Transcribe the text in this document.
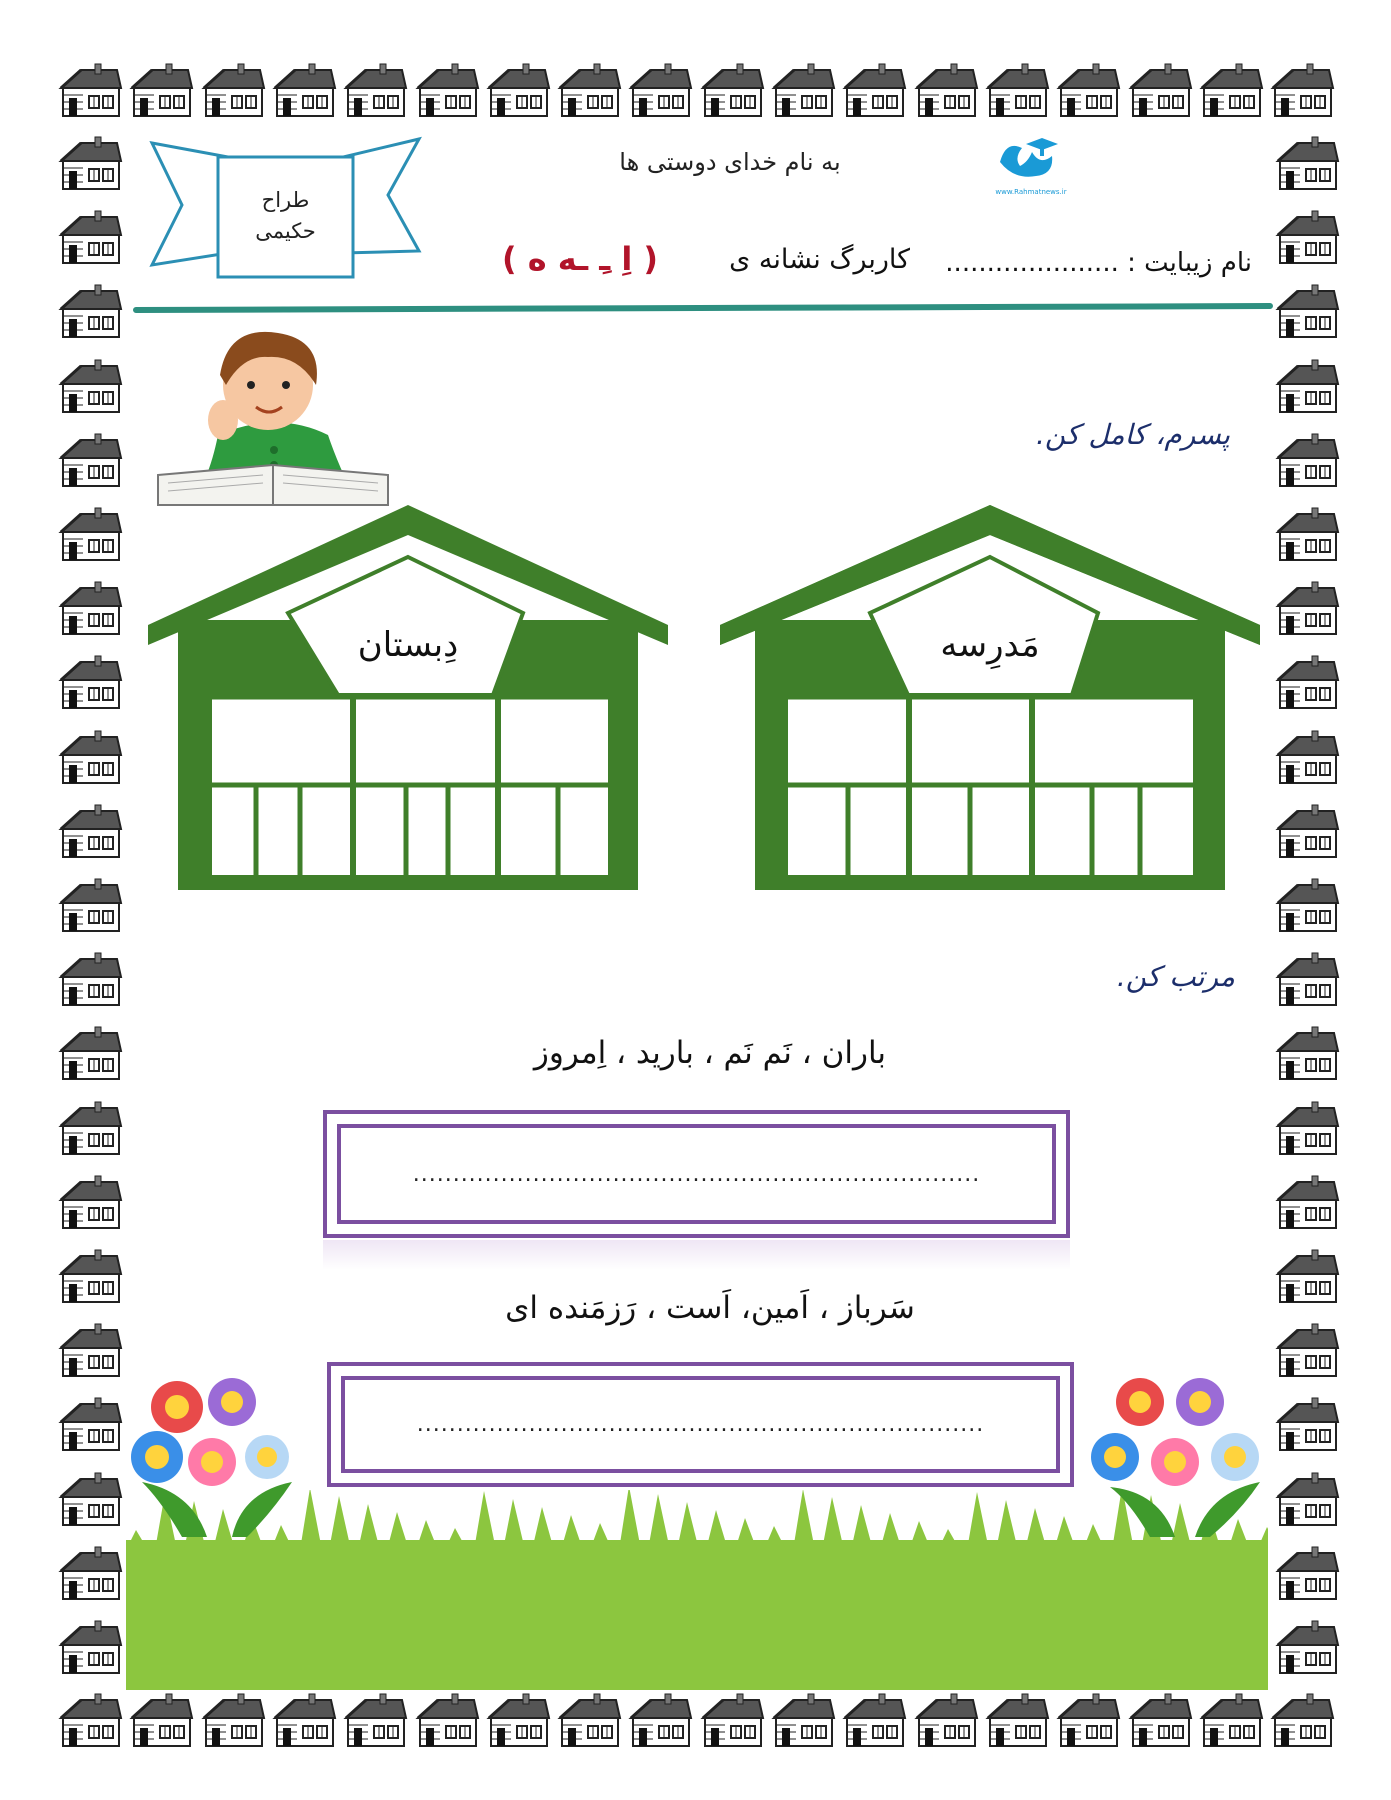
www.Rahmatnews.ir
طراح
حکیمی
به نام خدای دوستی ها
نام زیبایت : .....................
کاربرگ نشانه ی
( اِ ـِ ـه ه )
پسرم، کامل کن.
مَدرِسه
دِبستان
مرتب کن.
باران ، نَم نَم ، بارید ، اِمروز
.......................................................................
سَرباز ، اَمین، اَست ، رَزمَنده ای
.......................................................................
